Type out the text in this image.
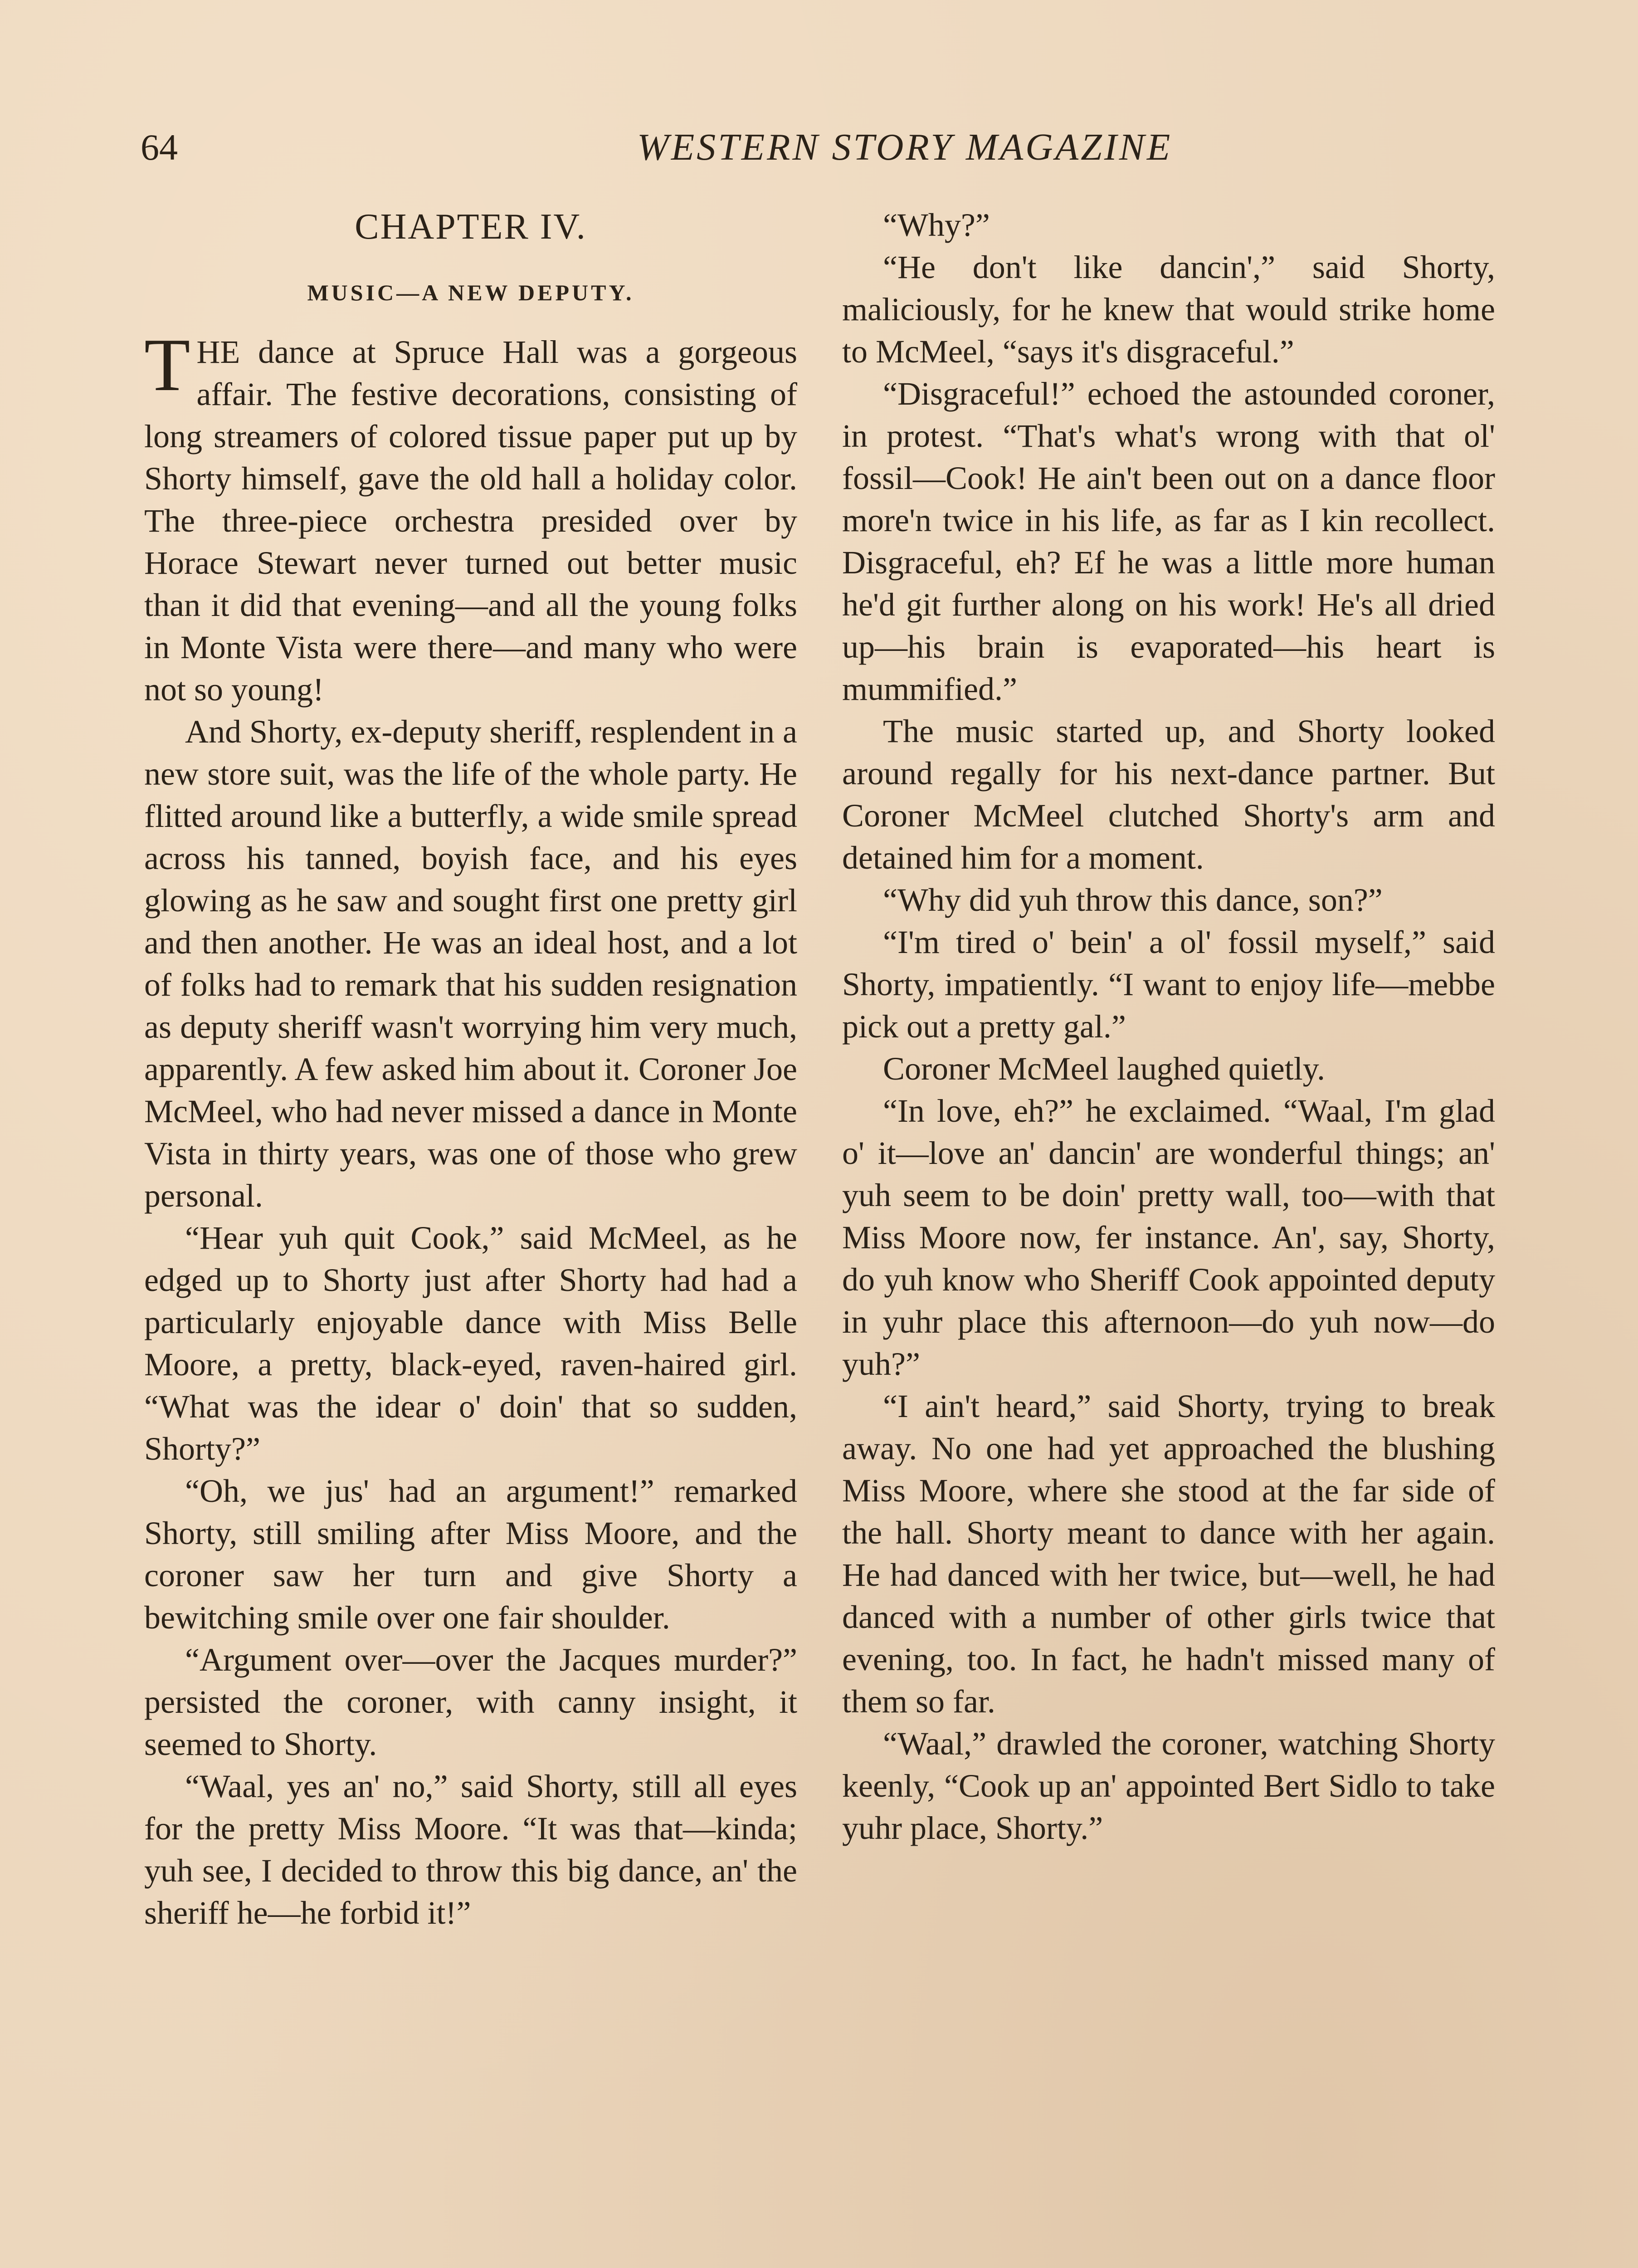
64	WESTERN STORY MAGAZINE
CHAPTER IV.
MUSIC—A NEW DEPUTY.

THE dance at Spruce Hall was a gorgeous affair. The festive decorations, consisting of long streamers of colored tissue paper put up by Shorty himself, gave the old hall a holiday color. The three-piece orchestra presided over by Horace Stewart never turned out better music than it did that evening—and all the young folks in Monte Vista were there—and many who were not so young!

And Shorty, ex-deputy sheriff, resplendent in a new store suit, was the life of the whole party. He flitted around like a butterfly, a wide smile spread across his tanned, boyish face, and his eyes glowing as he saw and sought first one pretty girl and then another. He was an ideal host, and a lot of folks had to remark that his sudden resignation as deputy sheriff wasn't worrying him very much, apparently. A few asked him about it. Coroner Joe McMeel, who had never missed a dance in Monte Vista in thirty years, was one of those who grew personal.

“Hear yuh quit Cook,” said McMeel, as he edged up to Shorty just after Shorty had had a particularly enjoyable dance with Miss Belle Moore, a pretty, black-eyed, raven-haired girl. “What was the idear o' doin' that so sudden, Shorty?”

“Oh, we jus' had an argument!” remarked Shorty, still smiling after Miss Moore, and the coroner saw her turn and give Shorty a bewitching smile over one fair shoulder.

“Argument over—over the Jacques murder?” persisted the coroner, with canny insight, it seemed to Shorty.

“Waal, yes an' no,” said Shorty, still all eyes for the pretty Miss Moore. “It was that—kinda; yuh see, I decided to throw this big dance, an' the sheriff he—he forbid it!”

“Why?”

“He don't like dancin',” said Shorty, maliciously, for he knew that would strike home to McMeel, “says it's disgraceful.”

“Disgraceful!” echoed the astounded coroner, in protest. “That's what's wrong with that ol' fossil—Cook! He ain't been out on a dance floor more'n twice in his life, as far as I kin recollect. Disgraceful, eh? Ef he was a little more human he'd git further along on his work! He's all dried up—his brain is evaporated—his heart is mummified.”

The music started up, and Shorty looked around regally for his next-dance partner. But Coroner McMeel clutched Shorty's arm and detained him for a moment.

“Why did yuh throw this dance, son?”

“I'm tired o' bein' a ol' fossil myself,” said Shorty, impatiently. “I want to enjoy life—mebbe pick out a pretty gal.”

Coroner McMeel laughed quietly.

“In love, eh?” he exclaimed. “Waal, I'm glad o' it—love an' dancin' are wonderful things; an' yuh seem to be doin' pretty wall, too—with that Miss Moore now, fer instance. An', say, Shorty, do yuh know who Sheriff Cook appointed deputy in yuhr place this afternoon—do yuh now—do yuh?”

“I ain't heard,” said Shorty, trying to break away. No one had yet approached the blushing Miss Moore, where she stood at the far side of the hall. Shorty meant to dance with her again. He had danced with her twice, but—well, he had danced with a number of other girls twice that evening, too. In fact, he hadn't missed many of them so far.

“Waal,” drawled the coroner, watching Shorty keenly, “Cook up an' appointed Bert Sidlo to take yuhr place, Shorty.”
